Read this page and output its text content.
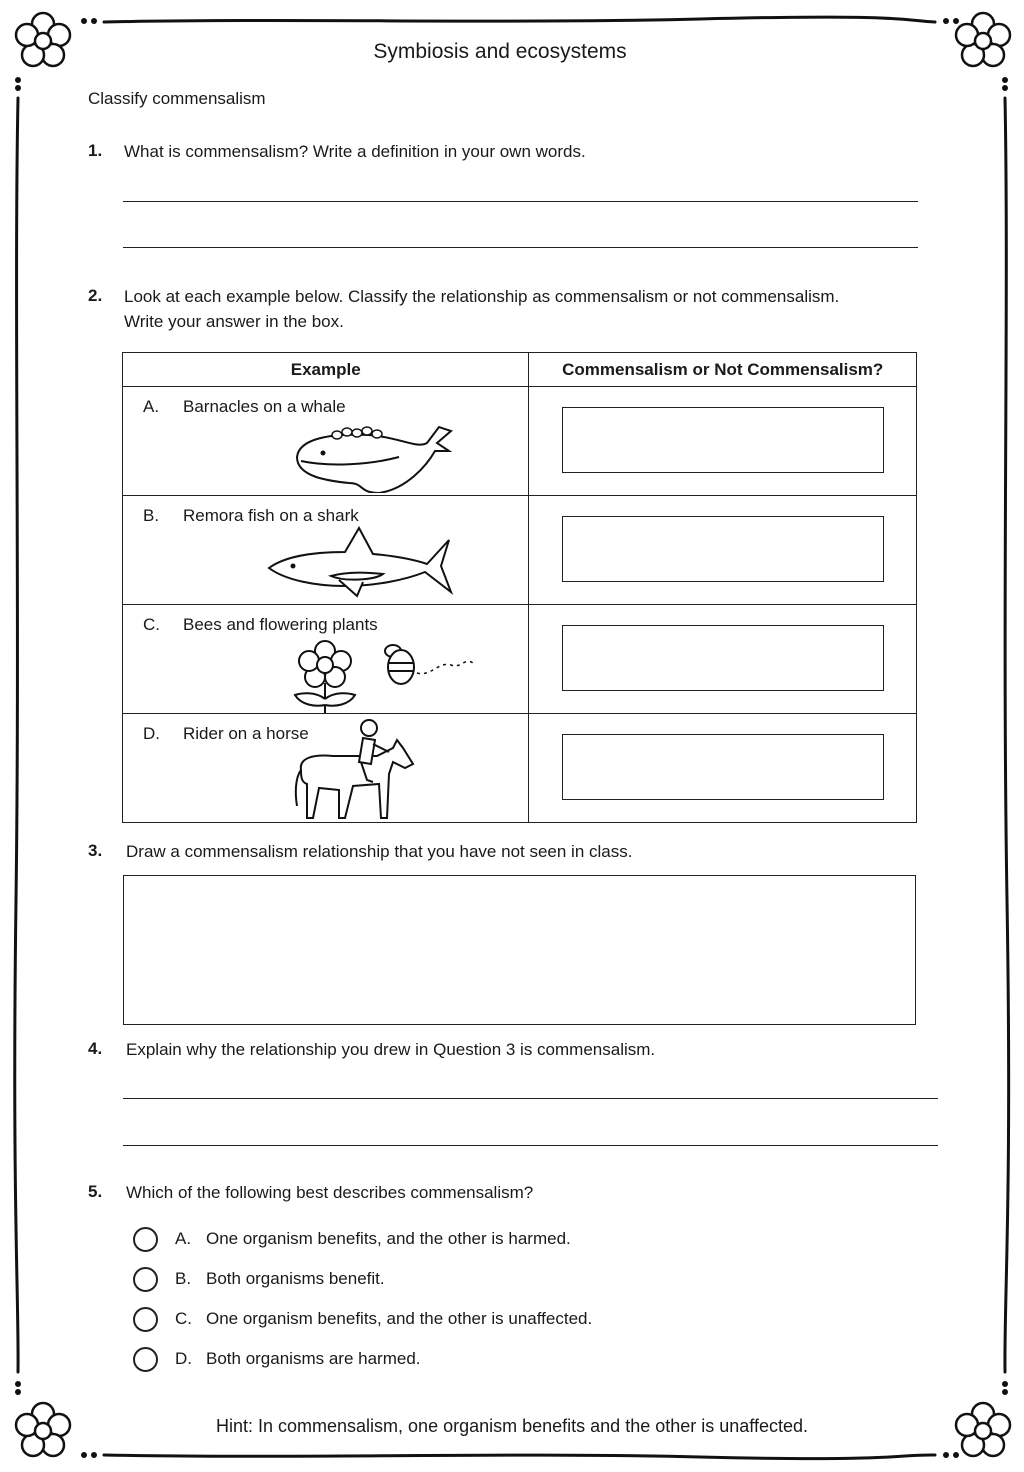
Symbiosis and ecosystems
Classify commensalism
1. What is commensalism? Write a definition in your own words.
2. Look at each example below. Classify the relationship as commensalism or not commensalism.
Write your answer in the box.
Example	Commensalism or Not Commensalism?

A. Barnacles on a whale	

B. Remora fish on a shark	

C. Bees and flowering plants	

D. Rider on a horse	

3. Draw a commensalism relationship that you have not seen in class.
4. Explain why the relationship you drew in Question 3 is commensalism.
5. Which of the following best describes commensalism?
A. One organism benefits, and the other is harmed.
B. Both organisms benefit.
C. One organism benefits, and the other is unaffected.
D. Both organisms are harmed.
Hint: In commensalism, one organism benefits and the other is unaffected.
